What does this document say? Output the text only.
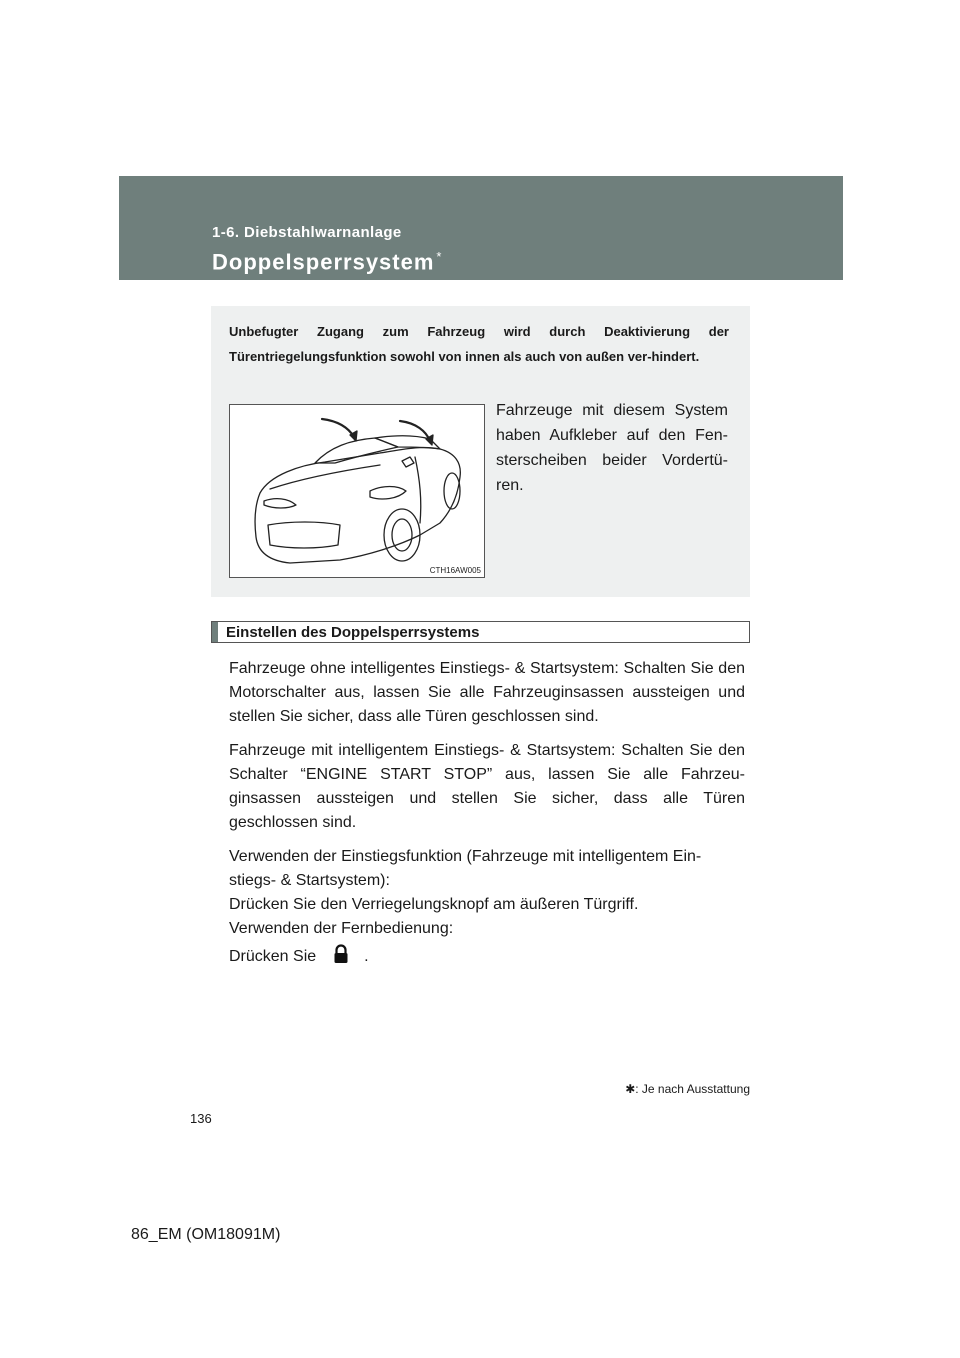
1-6. Diebstahlwarnanlage
Doppelsperrsystem *
Unbefugter Zugang zum Fahrzeug wird durch Deaktivierung der Türentriegelungsfunktion sowohl von innen als auch von außen ver-hindert.
CTH16AW005
Fahrzeuge mit diesem System haben Aufkleber auf den Fen-sterscheiben beider Vordertü-ren.
Einstellen des Doppelsperrsystems

Fahrzeuge ohne intelligentes Einstiegs- & Startsystem: Schalten Sie den Motorschalter aus, lassen Sie alle Fahrzeuginsassen aussteigen und stellen Sie sicher, dass alle Türen geschlossen sind.

Fahrzeuge mit intelligentem Einstiegs- & Startsystem: Schalten Sie den Schalter “ENGINE START STOP” aus, lassen Sie alle Fahrzeu-ginsassen aussteigen und stellen Sie sicher, dass alle Türen geschlossen sind.

Verwenden der Einstiegsfunktion (Fahrzeuge mit intelligentem Ein-stiegs- & Startsystem):

Drücken Sie den Verriegelungsknopf am äußeren Türgriff.

Verwenden der Fernbedienung:

Drücken Sie	.

✱: Je nach Ausstattung
136
86_EM (OM18091M)
